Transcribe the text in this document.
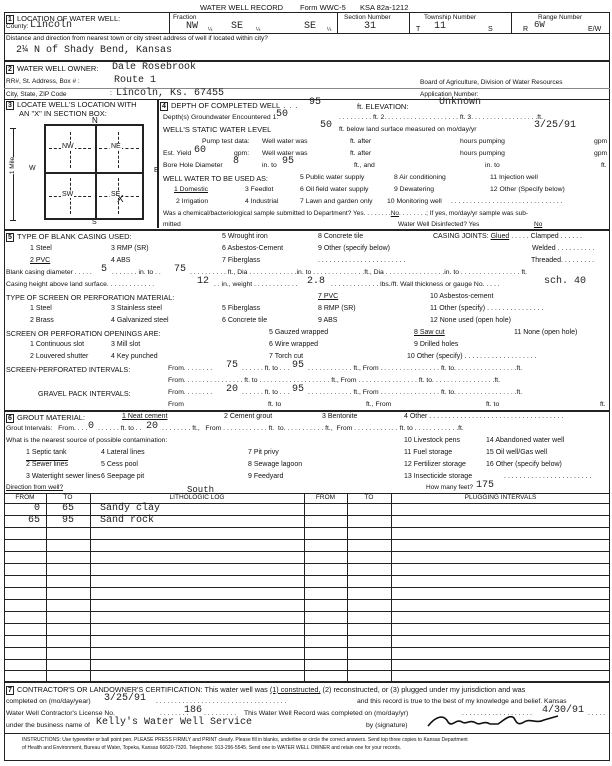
WATER WELL RECORD Form WWC-5 KSA 82a-1212
1 LOCATION OF WATER WELL:
County: Lincoln
Fraction
NW ¼ SE ¼	SE ¼
Section Number
31
Township Number
T 11	S
Range Number
R 6W	E/W
Distance and direction from nearest town or city street address of well if located within city?
2¼ N of Shady Bend, Kansas
2 WATER WELL OWNER: Dale Rosebrook
RR#, St. Address, Box # :	Route 1	Board of Agriculture, Division of Water Resources
City, State, ZIP Code	: Lincoln, Ks. 67455	Application Number:
3 LOCATE WELL'S LOCATION WITH
AN "X" IN SECTION BOX:
N
S
W	E
1 Mile
NW	NE
SW	SE
X
4 DEPTH OF COMPLETED WELL . . . 95	ft. ELEVATION:	Unknown
Depth(s) Groundwater Encountered 1.
50	. . . . . . . . . ft. 2. . . . . . . . . . . . . . . . . . . . ft. 3. . . . . . . . . . . . . . . . . .ft.
WELL'S STATIC WATER LEVEL	50 ft. below land surface measured on mo/day/yr	3/25/91
Pump test data: Well water was	ft. after	hours pumping	gpm
Est. Yield 60	gpm: Well water was	ft. after	hours pumping	gpm
Bore Hole Diameter 8	in. to 95	ft., and	in. to	ft.
WELL WATER TO BE USED AS:	5 Public water supply	8 Air conditioning	11 Injection well
1 Domestic	3 Feedlot	6 Oil field water supply	9 Dewatering	12 Other (Specify below)
2 Irrigation	4 Industrial	7 Lawn and garden only 10 Monitoring well . . . . . . . . . . . . . . . . . . . . . . . . . . . . . .
Was a chemical/bacteriological sample submitted to Department? Yes. . . . . . . .No. . . . . . . .; If yes, mo/day/yr sample was sub-
mitted	Water Well Disinfected? Yes	No
5 TYPE OF BLANK CASING USED:	5 Wrought iron	8 Concrete tile	CASING JOINTS: Glued . . . . . Clamped . . . . . .
1 Steel	3 RMP (SR)	6 Asbestos-Cement	9 Other (specify below)	Welded . . . . . . . . . .
2 PVC	4 ABS	7 Fiberglass	. . . . . . . . . . . . . . . . . . . . . . .	Threaded. . . . . . . . .
Blank casing diameter . . . . . 5 . . . . . . . in. to . . 75 . . . . . . . . . . ft., Dia . . . . . . . . . . . . .in. to . . . . . . . . . . . . . .ft., Dia . . . . . . . . . . . . . . . .in. to . . . . . . . . . . . . . . . . ft.
Casing height above land surface. . . . . . . . . . . . .	12 . . in., weight . . . . . . . . . . . . 2.8 . . . . . . . . . . . . . lbs./ft. Wall thickness or gauge No. . . . .	sch. 40
TYPE OF SCREEN OR PERFORATION MATERIAL:	7 PVC	10 Asbestos-cement
1 Steel	3 Stainless steel	5 Fiberglass	8 RMP (SR)	11 Other (specify) . . . . . . . . . . . . . . .
2 Brass	4 Galvanized steel	6 Concrete tile	9 ABS	12 None used (open hole)
SCREEN OR PERFORATION OPENINGS ARE:	5 Gauzed wrapped	8 Saw cut	11 None (open hole)
1 Continuous slot	3 Mill slot	6 Wire wrapped	9 Drilled holes
2 Louvered shutter	4 Key punched	7 Torch cut	10 Other (specify) . . . . . . . . . . . . . . . . . . .
SCREEN-PERFORATED INTERVALS:	From. . . . . . . . 75 . . . . . . ft. to . . . 95 . . . . . . . . . . . . ft., From . . . . . . . . . . . . . . . . ft. to. . . . . . . . . . . . . . . . .ft.
From. . . . . . . . . . . . . . . . ft. to . . . . . . . . . . . . . . . . . . . ft., From . . . . . . . . . . . . . . . . ft. to. . . . . . . . . . . . . . . . .ft.
GRAVEL PACK INTERVALS:	From. . . . . . . . 20 . . . . . . ft. to . . . 95 . . . . . . . . . . . . ft., From . . . . . . . . . . . . . . . . ft. to. . . . . . . . . . . . . . . . .ft.
From	ft. to	ft., From	ft. to	ft.
6 GROUT MATERIAL:	1 Neat cement	2 Cement grout	3 Bentonite	4 Other . . . . . . . . . . . . . . . . . . . . . . . . . . . . . . . . . . .
Grout Intervals:   From. . . . 0 . . . . . . ft. to . . 20 . . . . . . . . ft.,   From . . . . . . . . . . . . ft.  to. . . . . . . . . . . ft.,  From . . . . . . . . . . . . ft. to . . . . . . . . . . . .ft.
What is the nearest source of possible contamination:	10 Livestock pens	14 Abandoned water well
1 Septic tank	4 Lateral lines	7 Pit privy	11 Fuel storage	15 Oil well/Gas well
2 Sewer lines	5 Cess pool	8 Sewage lagoon	12 Fertilizer storage	16 Other (specify below)
3 Watertight sewer lines 6 Seepage pit	9 Feedyard	13 Insecticide storage	. . . . . . . . . . . . . . . . . . . . . . .
Direction from well?	South	How many feet? 175
FROM	TO	LITHOLOGIC LOG	FROM	TO	PLUGGING INTERVALS
0	65	Sandy clay
65	95	Sand rock
7 CONTRACTOR'S OR LANDOWNER'S CERTIFICATION: This water well was (1) constructed, (2) reconstructed, or (3) plugged under my jurisdiction and was
completed on (mo/day/year) 3/25/91 . . . . . . . . . . . . . . . . . . . . . . . . . . . . . . . . . . .	and this record is true to the best of my knowledge and belief. Kansas
Water Well Contractor's License No.	. . . . . . . .
186 . . . . . . . . . This Water Well Record was completed on (mo/day/yr)	. . . . . . . . . . . . . . . . . . . 4/30/91 . . . . .
under the business name of Kelly's Water Well Service	by (signature)
INSTRUCTIONS: Use typewriter or ball point pen. PLEASE PRESS FIRMLY and PRINT clearly. Please fill in blanks, underline or circle the correct answers. Send top three copies to Kansas Department
of Health and Environment, Bureau of Water, Topeka, Kansas 66620-7320. Telephone: 913-296-5545. Send one to WATER WELL OWNER and retain one for your records.
